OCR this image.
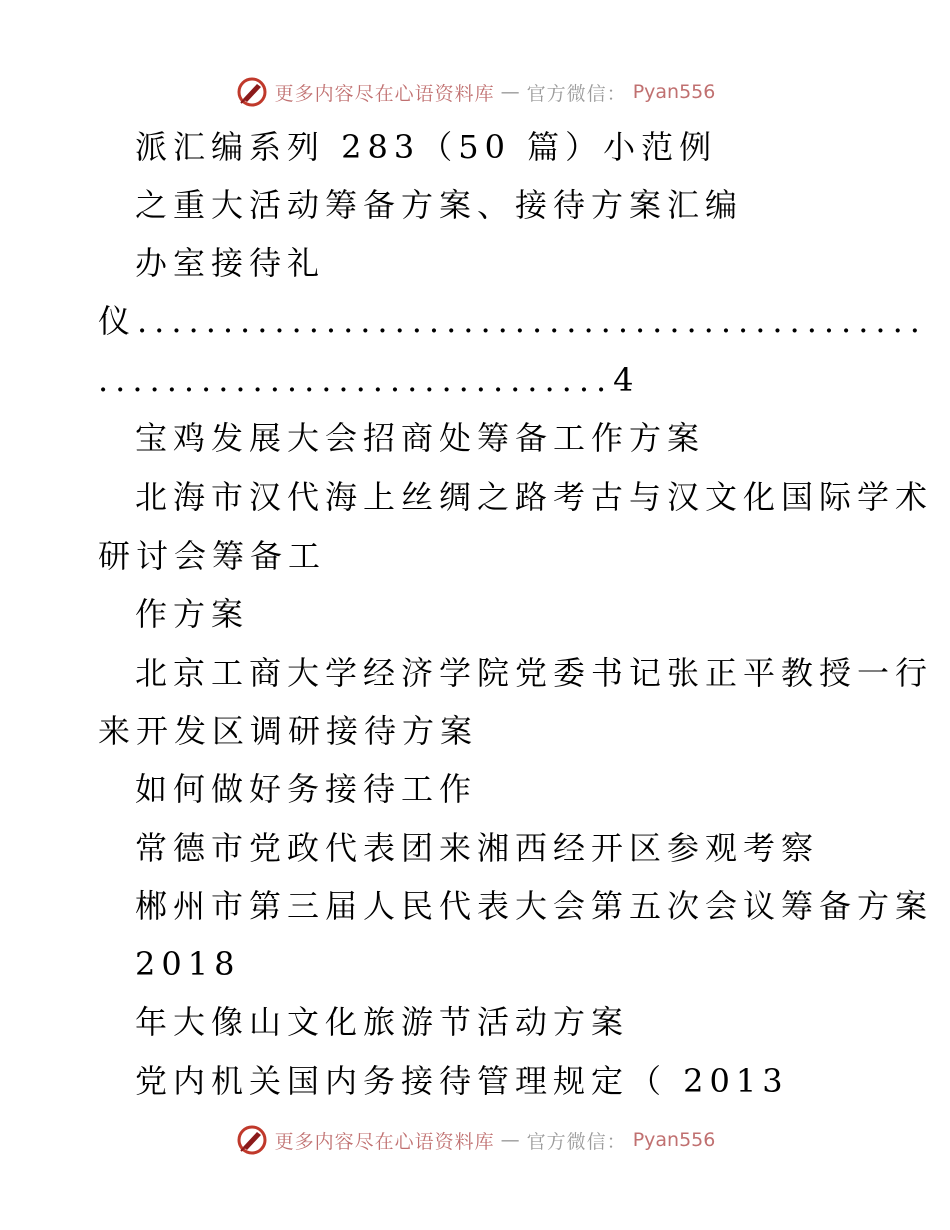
更多内容尽在心语资料库 — 官方微信： Pyan556
派汇编系列 283（50 篇）小范例
之重大活动筹备方案、接待方案汇编
办室接待礼
仪..............................................
..............................4
宝鸡发展大会招商处筹备工作方案
北海市汉代海上丝绸之路考古与汉文化国际学术
研讨会筹备工
作方案
北京工商大学经济学院党委书记张正平教授一行
来开发区调研接待方案
如何做好务接待工作
常德市党政代表团来湘西经开区参观考察
郴州市第三届人民代表大会第五次会议筹备方案
2018
年大像山文化旅游节活动方案
党内机关国内务接待管理规定（ 2013
更多内容尽在心语资料库 — 官方微信： Pyan556
